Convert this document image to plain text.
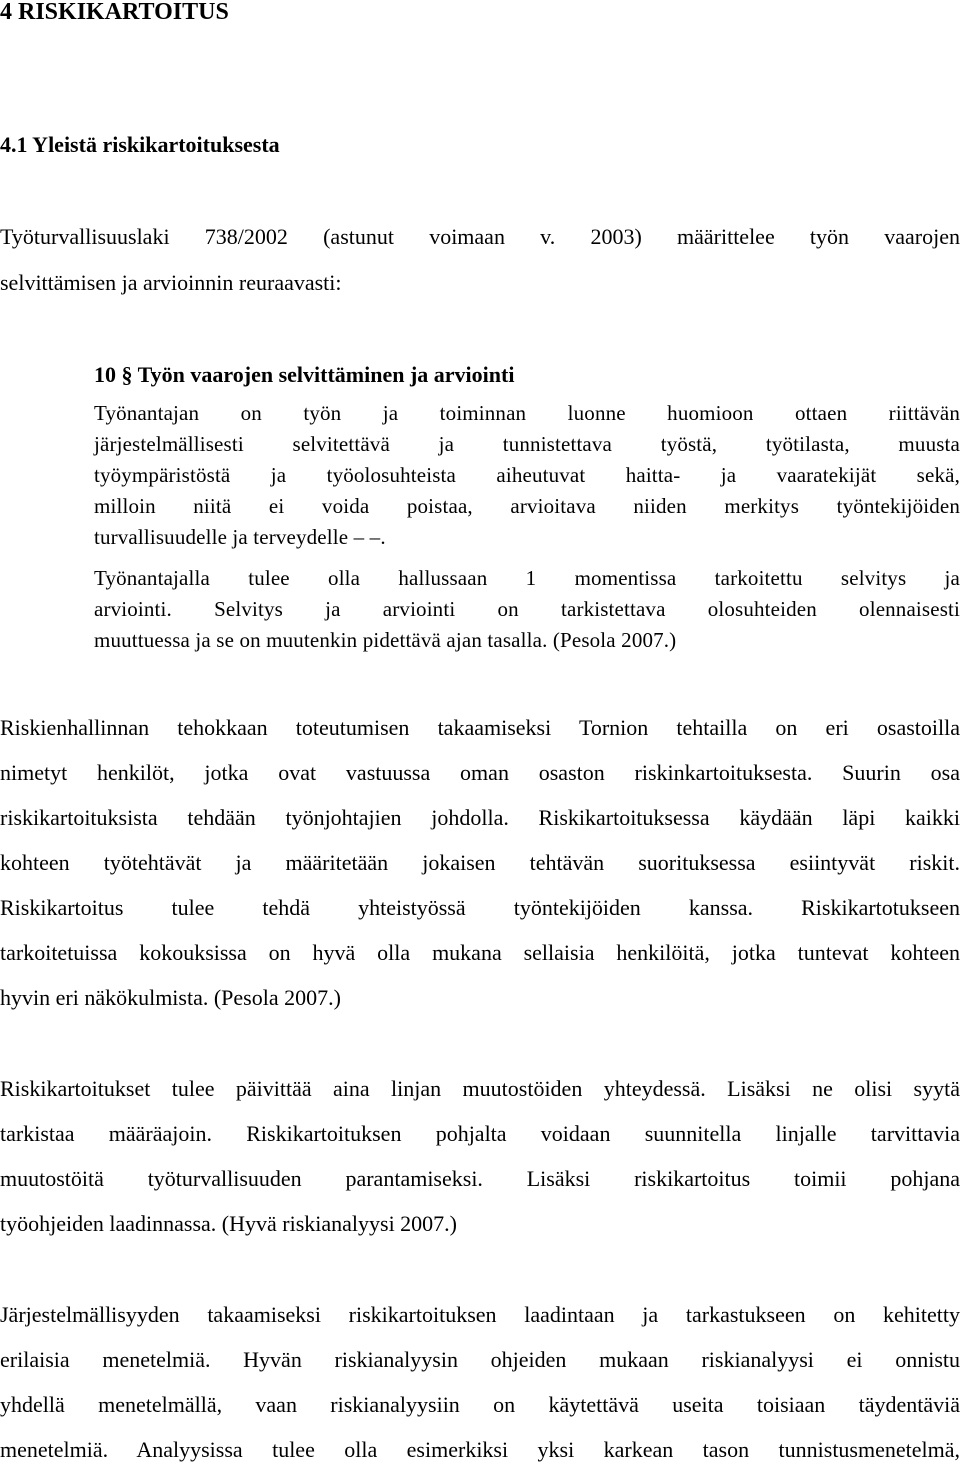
4 RISKIKARTOITUS
4.1 Yleistä riskikartoituksesta

Työturvallisuuslaki 738/2002 (astunut voimaan v. 2003) määrittelee työn vaarojen

selvittämisen ja arvioinnin reuraavasti:

10 § Työn vaarojen selvittäminen ja arviointi

Työnantajan on työn ja toiminnan luonne huomioon ottaen riittävän

järjestelmällisesti selvitettävä ja tunnistettava työstä, työtilasta, muusta

työympäristöstä ja työolosuhteista aiheutuvat haitta- ja vaaratekijät sekä,

milloin niitä ei voida poistaa, arvioitava niiden merkitys työntekijöiden

turvallisuudelle ja terveydelle – –.

Työnantajalla tulee olla hallussaan 1 momentissa tarkoitettu selvitys ja

arviointi. Selvitys ja arviointi on tarkistettava olosuhteiden olennaisesti

muuttuessa ja se on muutenkin pidettävä ajan tasalla. (Pesola 2007.)

Riskienhallinnan tehokkaan toteutumisen takaamiseksi Tornion tehtailla on eri osastoilla

nimetyt henkilöt, jotka ovat vastuussa oman osaston riskinkartoituksesta. Suurin osa

riskikartoituksista tehdään työnjohtajien johdolla. Riskikartoituksessa käydään läpi kaikki

kohteen työtehtävät ja määritetään jokaisen tehtävän suorituksessa esiintyvät riskit.

Riskikartoitus tulee tehdä yhteistyössä työntekijöiden kanssa. Riskikartotukseen

tarkoitetuissa kokouksissa on hyvä olla mukana sellaisia henkilöitä, jotka tuntevat kohteen

hyvin eri näkökulmista. (Pesola 2007.)

Riskikartoitukset tulee päivittää aina linjan muutostöiden yhteydessä. Lisäksi ne olisi syytä

tarkistaa määräajoin. Riskikartoituksen pohjalta voidaan suunnitella linjalle tarvittavia

muutostöitä työturvallisuuden parantamiseksi. Lisäksi riskikartoitus toimii pohjana

työohjeiden laadinnassa. (Hyvä riskianalyysi 2007.)

Järjestelmällisyyden takaamiseksi riskikartoituksen laadintaan ja tarkastukseen on kehitetty

erilaisia menetelmiä. Hyvän riskianalyysin ohjeiden mukaan riskianalyysi ei onnistu

yhdellä menetelmällä, vaan riskianalyysiin on käytettävä useita toisiaan täydentäviä

menetelmiä. Analyysissa tulee olla esimerkiksi yksi karkean tason tunnistusmenetelmä,
